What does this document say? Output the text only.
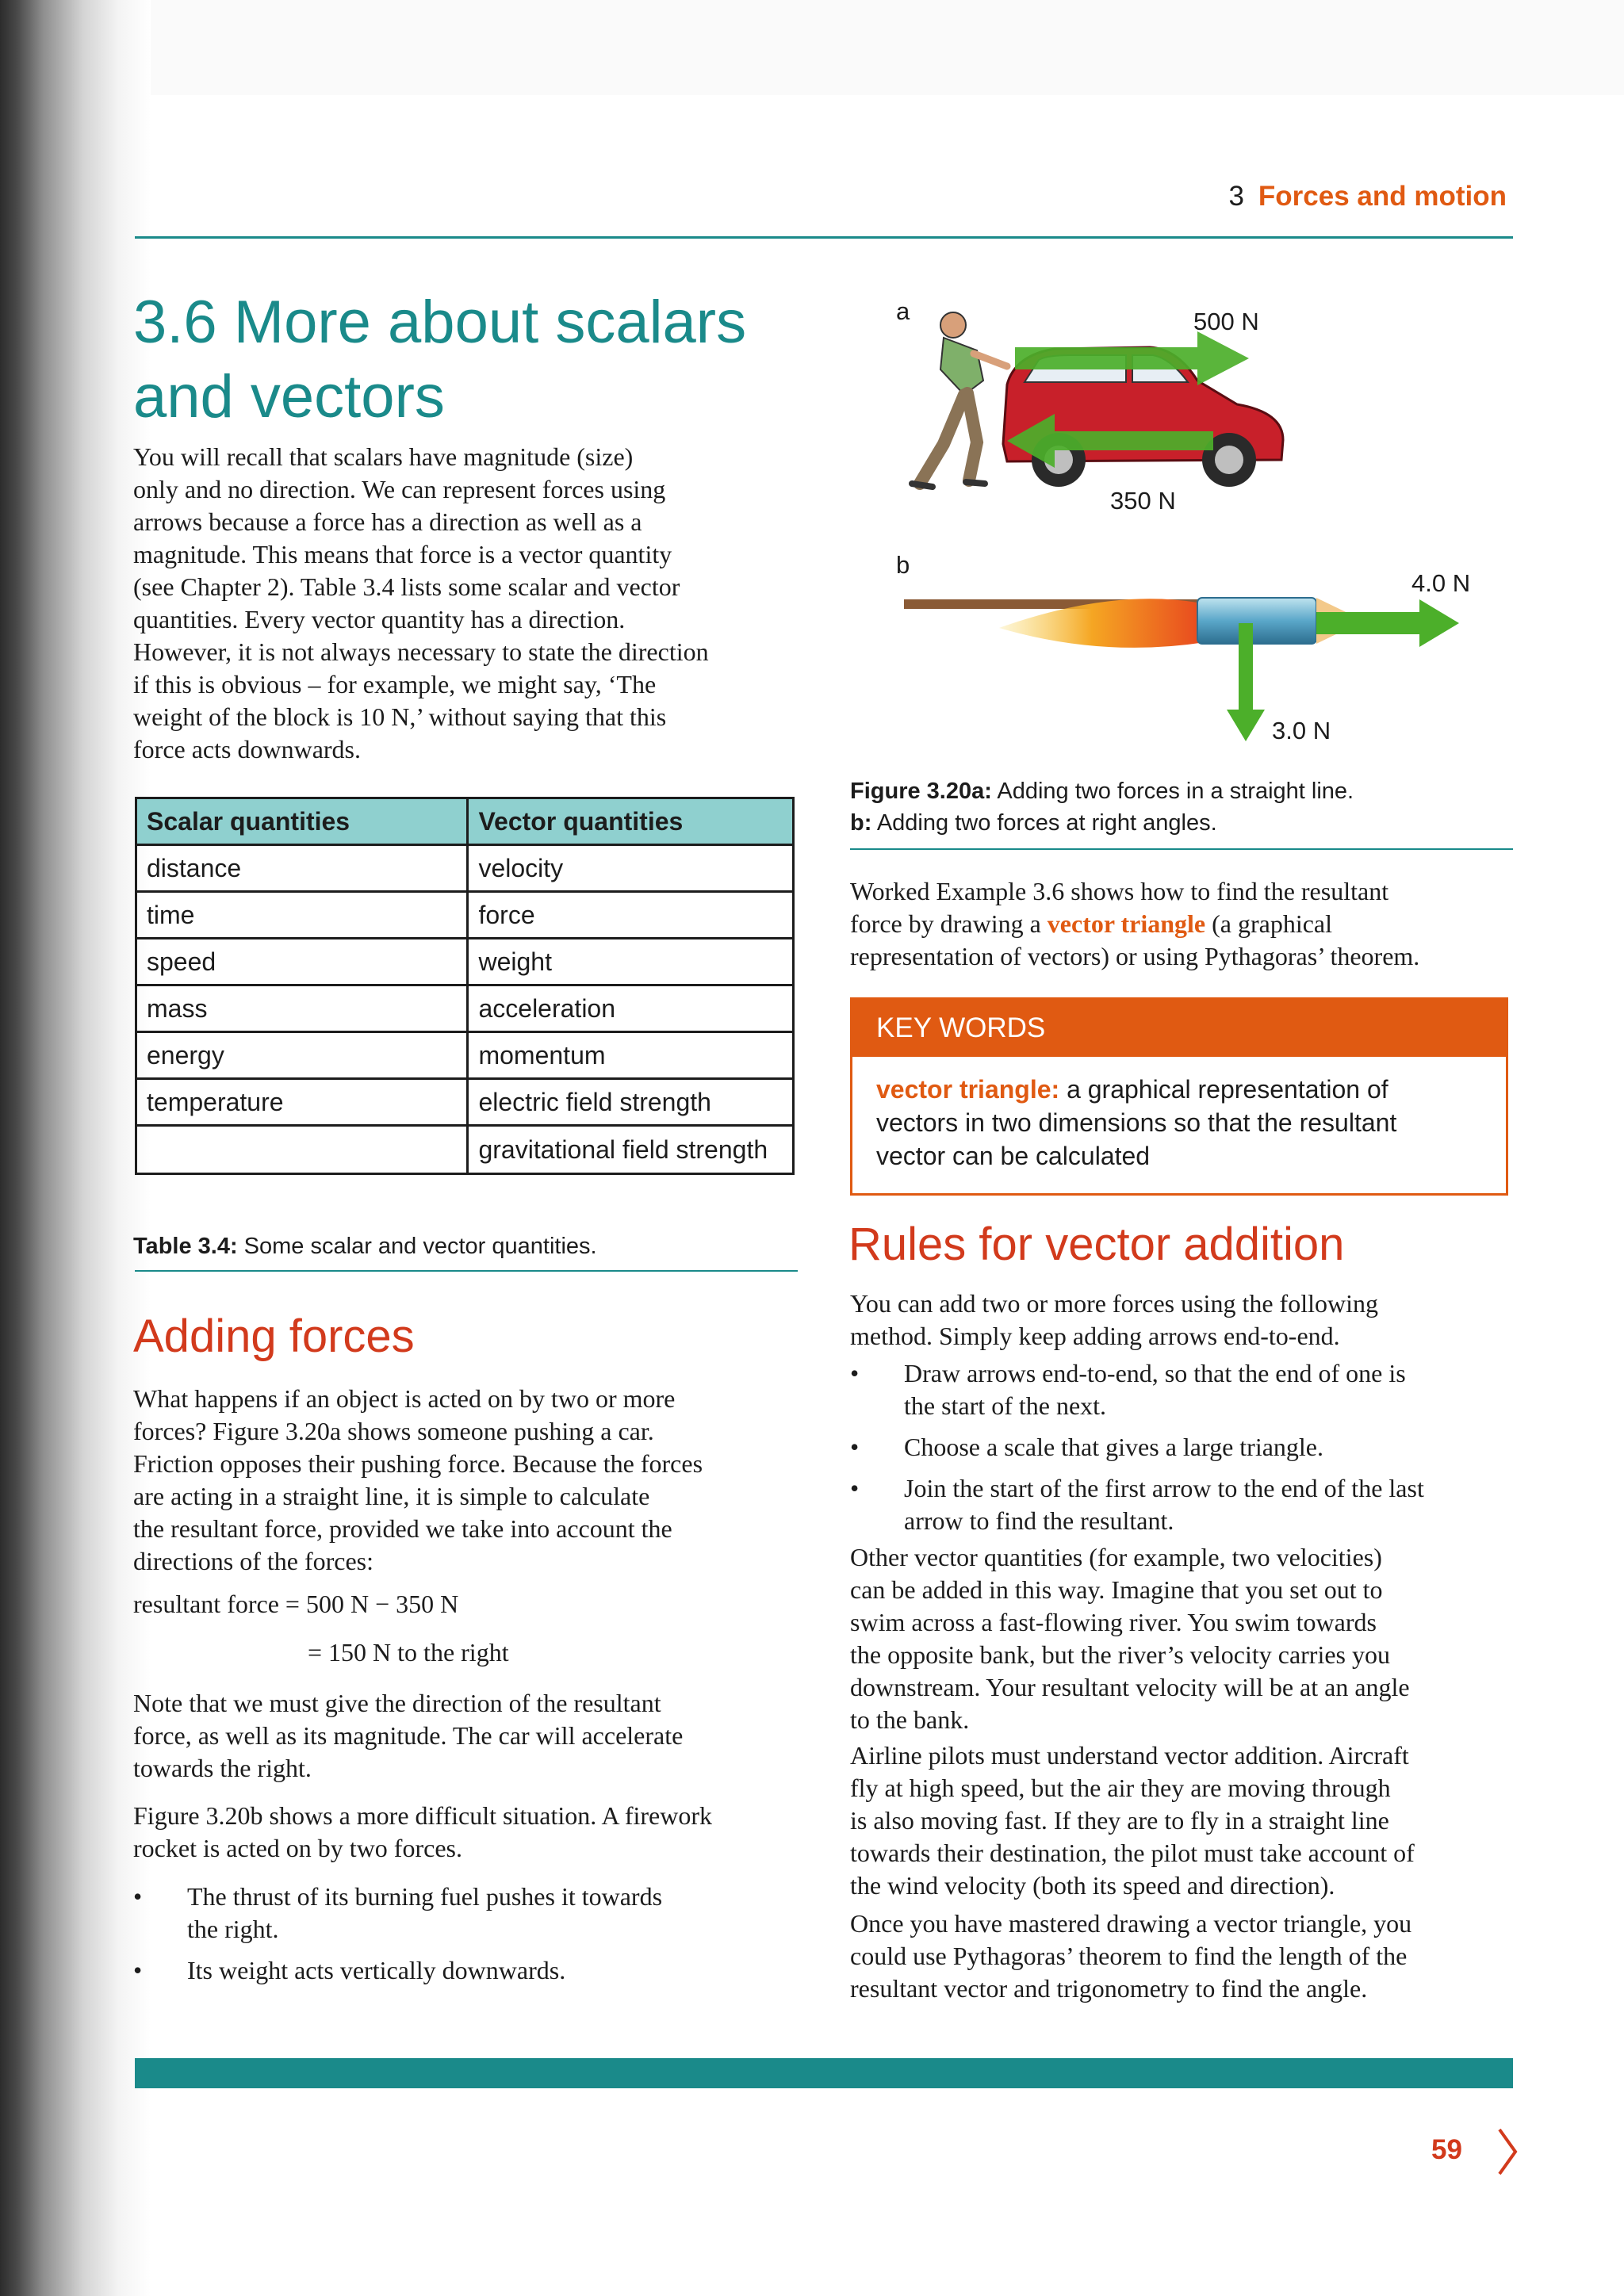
3 Forces and motion
3.6 More about scalars
and vectors
You will recall that scalars have magnitude (size)
only and no direction. We can represent forces using
arrows because a force has a direction as well as a
magnitude. This means that force is a vector quantity
(see Chapter 2). Table 3.4 lists some scalar and vector
quantities. Every vector quantity has a direction.
However, it is not always necessary to state the direction
if this is obvious – for example, we might say, ‘The
weight of the block is 10 N,’ without saying that this
force acts downwards.
Scalar quantities	Vector quantities
distance	velocity
time	force
speed	weight
mass	acceleration
energy	momentum
temperature	electric field strength
	gravitational field strength
Table 3.4: Some scalar and vector quantities.
Adding forces
What happens if an object is acted on by two or more
forces? Figure 3.20a shows someone pushing a car.
Friction opposes their pushing force. Because the forces
are acting in a straight line, it is simple to calculate
the resultant force, provided we take into account the
directions of the forces:
resultant force = 500 N − 350 N
= 150 N to the right
Note that we must give the direction of the resultant
force, as well as its magnitude. The car will accelerate
towards the right.
Figure 3.20b shows a more difficult situation. A firework
rocket is acted on by two forces.
• The thrust of its burning fuel pushes it towards
the right.
• Its weight acts vertically downwards.
a	500 N
350 N
b
4.0 N
3.0 N
Figure 3.20a: Adding two forces in a straight line.
b: Adding two forces at right angles.
Worked Example 3.6 shows how to find the resultant
force by drawing a vector triangle (a graphical
representation of vectors) or using Pythagoras’ theorem.
KEY WORDS
vector triangle: a graphical representation of
vectors in two dimensions so that the resultant
vector can be calculated
Rules for vector addition
You can add two or more forces using the following
method. Simply keep adding arrows end-to-end.
• Draw arrows end-to-end, so that the end of one is
the start of the next.
• Choose a scale that gives a large triangle.
• Join the start of the first arrow to the end of the last
arrow to find the resultant.
Other vector quantities (for example, two velocities)
can be added in this way. Imagine that you set out to
swim across a fast-flowing river. You swim towards
the opposite bank, but the river’s velocity carries you
downstream. Your resultant velocity will be at an angle
to the bank.
Airline pilots must understand vector addition. Aircraft
fly at high speed, but the air they are moving through
is also moving fast. If they are to fly in a straight line
towards their destination, the pilot must take account of
the wind velocity (both its speed and direction).
Once you have mastered drawing a vector triangle, you
could use Pythagoras’ theorem to find the length of the
resultant vector and trigonometry to find the angle.
59
